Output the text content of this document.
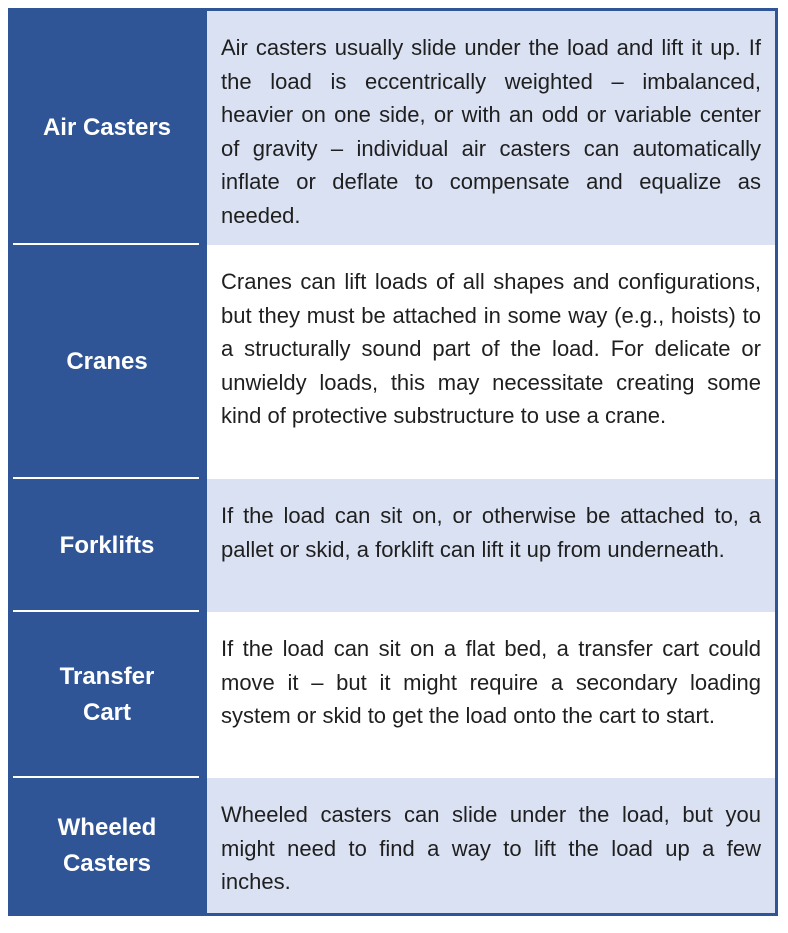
Air Casters
Air casters usually slide under the load and lift it up. If the load is eccentrically weighted – imbalanced, heavier on one side, or with an odd or variable center of gravity – individual air casters can automatically inflate or deflate to compensate and equalize as needed.
Cranes
Cranes can lift loads of all shapes and configurations, but they must be attached in some way (e.g., hoists) to a structurally sound part of the load. For delicate or unwieldy loads, this may necessitate creating some kind of protective substructure to use a crane.
Forklifts
If the load can sit on, or otherwise be attached to, a pallet or skid, a forklift can lift it up from underneath.
Transfer Cart
If the load can sit on a flat bed, a transfer cart could move it – but it might require a secondary loading system or skid to get the load onto the cart to start.
Wheeled Casters
Wheeled casters can slide under the load, but you might need to find a way to lift the load up a few inches.
